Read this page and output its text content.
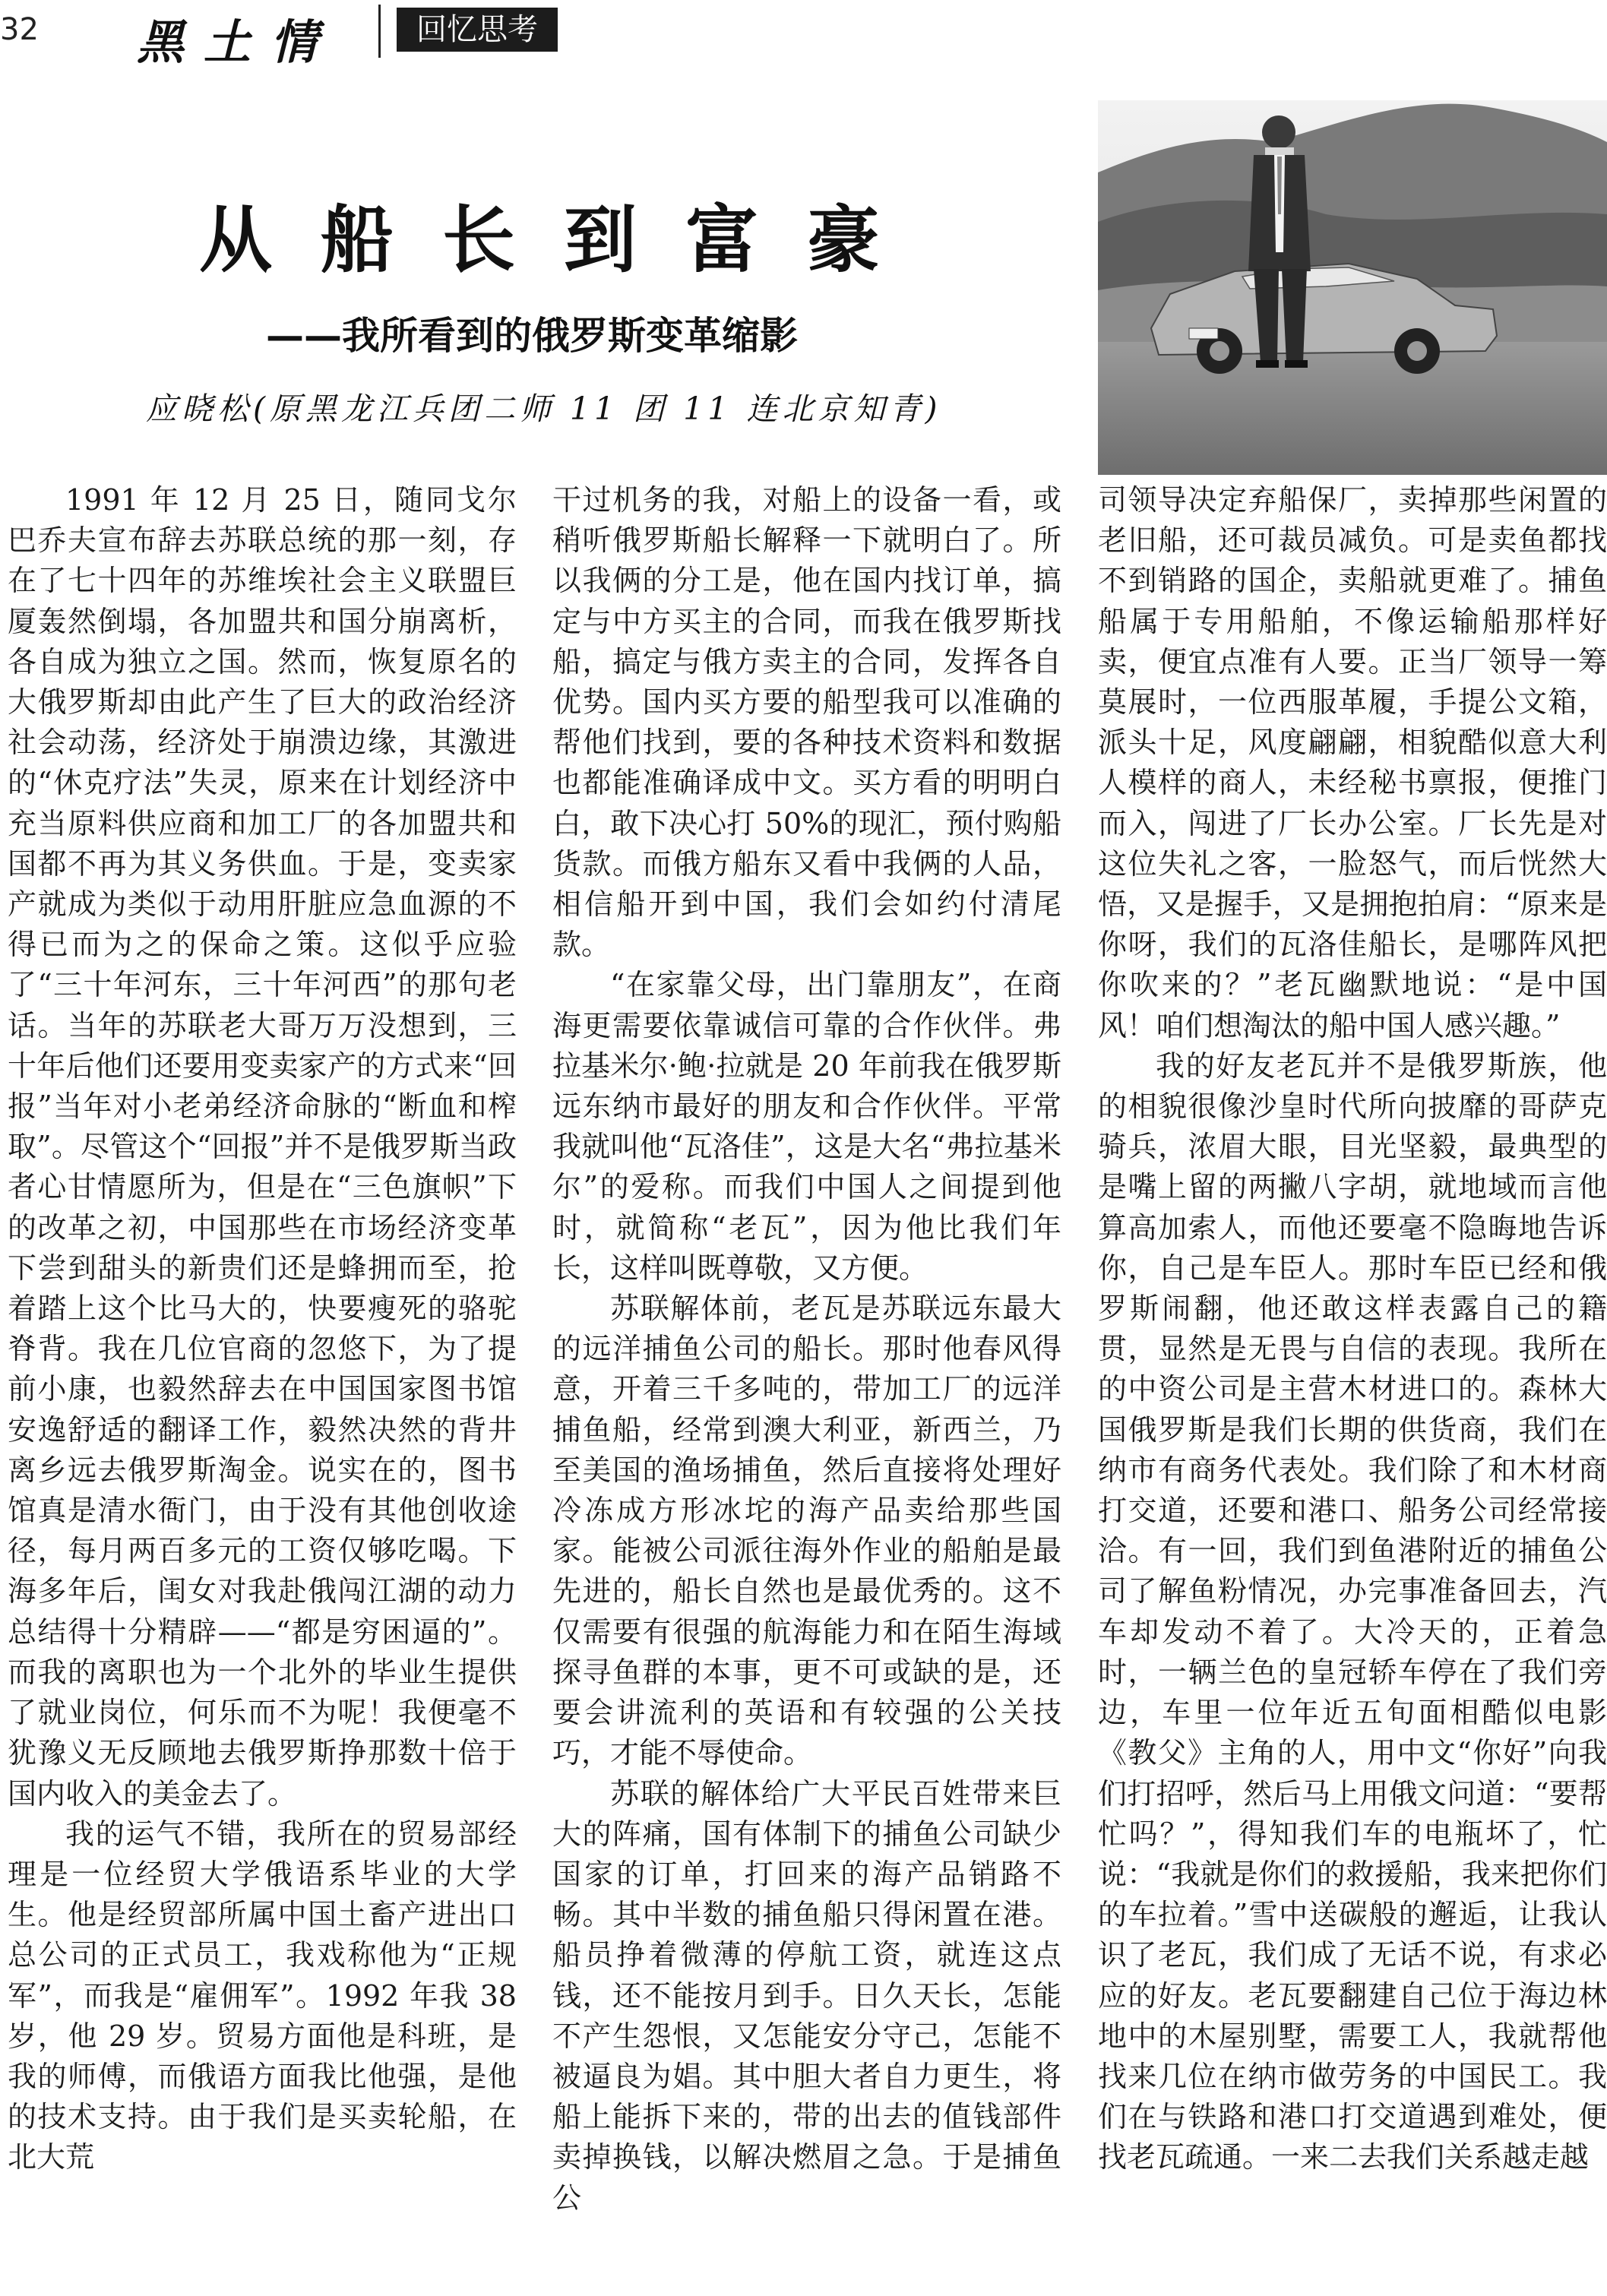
32 黑土情	回忆思考
从船长到富豪
——我所看到的俄罗斯变革缩影
应晓松(原黑龙江兵团二师 11 团 11 连北京知青)

1991 年 12 月 25 日，随同戈尔巴乔夫宣布辞去苏联总统的那一刻，存在了七十四年的苏维埃社会主义联盟巨厦轰然倒塌，各加盟共和国分崩离析，各自成为独立之国。然而，恢复原名的大俄罗斯却由此产生了巨大的政治经济社会动荡，经济处于崩溃边缘，其激进的“休克疗法”失灵，原来在计划经济中充当原料供应商和加工厂的各加盟共和国都不再为其义务供血。于是，变卖家产就成为类似于动用肝脏应急血源的不得已而为之的保命之策。这似乎应验了“三十年河东，三十年河西”的那句老话。当年的苏联老大哥万万没想到，三十年后他们还要用变卖家产的方式来“回报”当年对小老弟经济命脉的“断血和榨取”。尽管这个“回报”并不是俄罗斯当政者心甘情愿所为，但是在“三色旗帜”下的改革之初，中国那些在市场经济变革下尝到甜头的新贵们还是蜂拥而至，抢着踏上这个比马大的，快要瘦死的骆驼脊背。我在几位官商的忽悠下，为了提前小康，也毅然辞去在中国国家图书馆安逸舒适的翻译工作，毅然决然的背井离乡远去俄罗斯淘金。说实在的，图书馆真是清水衙门，由于没有其他创收途径，每月两百多元的工资仅够吃喝。下海多年后，闺女对我赴俄闯江湖的动力总结得十分精辟——“都是穷困逼的”。而我的离职也为一个北外的毕业生提供了就业岗位，何乐而不为呢！我便毫不犹豫义无反顾地去俄罗斯挣那数十倍于国内收入的美金去了。

我的运气不错，我所在的贸易部经理是一位经贸大学俄语系毕业的大学生。他是经贸部所属中国土畜产进出口总公司的正式员工，我戏称他为“正规军”，而我是“雇佣军”。1992 年我 38 岁，他 29 岁。贸易方面他是科班，是我的师傅，而俄语方面我比他强，是他的技术支持。由于我们是买卖轮船，在北大荒

干过机务的我，对船上的设备一看，或稍听俄罗斯船长解释一下就明白了。所以我俩的分工是，他在国内找订单，搞定与中方买主的合同，而我在俄罗斯找船，搞定与俄方卖主的合同，发挥各自优势。国内买方要的船型我可以准确的帮他们找到，要的各种技术资料和数据也都能准确译成中文。买方看的明明白白，敢下决心打 50%的现汇，预付购船货款。而俄方船东又看中我俩的人品，相信船开到中国，我们会如约付清尾款。

“在家靠父母，出门靠朋友”，在商海更需要依靠诚信可靠的合作伙伴。弗拉基米尔·鲍·拉就是 20 年前我在俄罗斯远东纳市最好的朋友和合作伙伴。平常我就叫他“瓦洛佳”，这是大名“弗拉基米尔”的爱称。而我们中国人之间提到他时，就简称“老瓦”，因为他比我们年长，这样叫既尊敬，又方便。

苏联解体前，老瓦是苏联远东最大的远洋捕鱼公司的船长。那时他春风得意，开着三千多吨的，带加工厂的远洋捕鱼船，经常到澳大利亚，新西兰，乃至美国的渔场捕鱼，然后直接将处理好冷冻成方形冰坨的海产品卖给那些国家。能被公司派往海外作业的船舶是最先进的，船长自然也是最优秀的。这不仅需要有很强的航海能力和在陌生海域探寻鱼群的本事，更不可或缺的是，还要会讲流利的英语和有较强的公关技巧，才能不辱使命。

苏联的解体给广大平民百姓带来巨大的阵痛，国有体制下的捕鱼公司缺少国家的订单，打回来的海产品销路不畅。其中半数的捕鱼船只得闲置在港。船员挣着微薄的停航工资，就连这点钱，还不能按月到手。日久天长，怎能不产生怨恨，又怎能安分守己，怎能不被逼良为娼。其中胆大者自力更生，将船上能拆下来的，带的出去的值钱部件卖掉换钱，以解决燃眉之急。于是捕鱼公

司领导决定弃船保厂，卖掉那些闲置的老旧船，还可裁员减负。可是卖鱼都找不到销路的国企，卖船就更难了。捕鱼船属于专用船舶，不像运输船那样好卖，便宜点准有人要。正当厂领导一筹莫展时，一位西服革履，手提公文箱，派头十足，风度翩翩，相貌酷似意大利人模样的商人，未经秘书禀报，便推门而入，闯进了厂长办公室。厂长先是对这位失礼之客，一脸怒气，而后恍然大悟，又是握手，又是拥抱拍肩：“原来是你呀，我们的瓦洛佳船长，是哪阵风把你吹来的？”老瓦幽默地说：“是中国风！咱们想淘汰的船中国人感兴趣。”

我的好友老瓦并不是俄罗斯族，他的相貌很像沙皇时代所向披靡的哥萨克骑兵，浓眉大眼，目光坚毅，最典型的是嘴上留的两撇八字胡，就地域而言他算高加索人，而他还要毫不隐晦地告诉你，自己是车臣人。那时车臣已经和俄罗斯闹翻，他还敢这样表露自己的籍贯，显然是无畏与自信的表现。我所在的中资公司是主营木材进口的。森林大国俄罗斯是我们长期的供货商，我们在纳市有商务代表处。我们除了和木材商打交道，还要和港口、船务公司经常接洽。有一回，我们到鱼港附近的捕鱼公司了解鱼粉情况，办完事准备回去，汽车却发动不着了。大冷天的，正着急时，一辆兰色的皇冠轿车停在了我们旁边，车里一位年近五旬面相酷似电影《教父》主角的人，用中文“你好”向我们打招呼，然后马上用俄文问道：“要帮忙吗？”，得知我们车的电瓶坏了，忙说：“我就是你们的救援船，我来把你们的车拉着。”雪中送碳般的邂逅，让我认识了老瓦，我们成了无话不说，有求必应的好友。老瓦要翻建自己位于海边林地中的木屋别墅，需要工人，我就帮他找来几位在纳市做劳务的中国民工。我们在与铁路和港口打交道遇到难处，便找老瓦疏通。一来二去我们关系越走越
